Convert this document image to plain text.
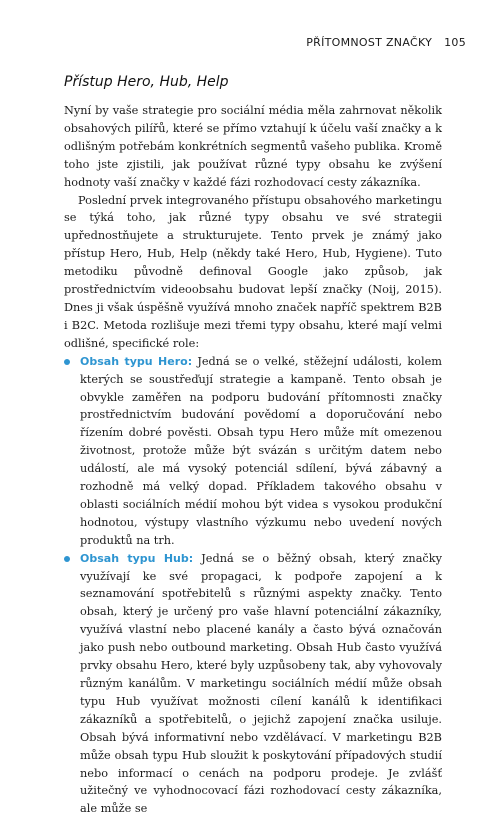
PŘÍTOMNOST ZNAČKY 105
Přístup Hero, Hub, Help

Nyní by vaše strategie pro sociální média měla zahrnovat několik obsahových pilířů, které se přímo vztahují k účelu vaší značky a k odlišným potřebám konkrétních segmentů vašeho publika. Kromě toho jste zjistili, jak používat různé typy obsahu ke zvýšení hodnoty vaší značky v každé fázi rozhodovací cesty zákazníka.

Poslední prvek integrovaného přístupu obsahového marketingu se týká toho, jak různé typy obsahu ve své strategii upřednostňujete a strukturujete. Tento prvek je známý jako přístup Hero, Hub, Help (někdy také Hero, Hub, Hygiene). Tuto metodiku původně definoval Google jako způsob, jak prostřednictvím videoobsahu budovat lepší značky (Noij, 2015). Dnes ji však úspěšně využívá mnoho značek napříč spektrem B2B i B2C. Metoda rozlišuje mezi třemi typy obsahu, které mají velmi odlišné, specifické role:

Obsah typu Hero: Jedná se o velké, stěžejní události, kolem kterých se soustřeďují strategie a kampaně. Tento obsah je obvykle zaměřen na podporu budování přítomnosti značky prostřednictvím budování povědomí a doporučování nebo řízením dobré pověsti. Obsah typu Hero může mít omezenou životnost, protože může být svázán s určitým datem nebo událostí, ale má vysoký potenciál sdílení, bývá zábavný a rozhodně má velký dopad. Příkladem takového obsahu v oblasti sociálních médií mohou být videa s vysokou produkční hodnotou, výstupy vlastního výzkumu nebo uvedení nových produktů na trh.
Obsah typu Hub: Jedná se o běžný obsah, který značky využívají ke své propagaci, k podpoře zapojení a k seznamování spotřebitelů s různými aspekty značky. Tento obsah, který je určený pro vaše hlavní potenciální zákazníky, využívá vlastní nebo placené kanály a často bývá označován jako push nebo outbound marketing. Obsah Hub často využívá prvky obsahu Hero, které byly uzpůsobeny tak, aby vyhovovaly různým kanálům. V marketingu sociálních médií může obsah typu Hub využívat možnosti cílení kanálů k identifikaci zákazníků a spotřebitelů, o jejichž zapojení značka usiluje. Obsah bývá informativní nebo vzdělávací. V marketingu B2B může obsah typu Hub sloužit k poskytování případových studií nebo informací o cenách na podporu prodeje. Je zvlášť užitečný ve vyhodnocovací fázi rozhodovací cesty zákazníka, ale může se
